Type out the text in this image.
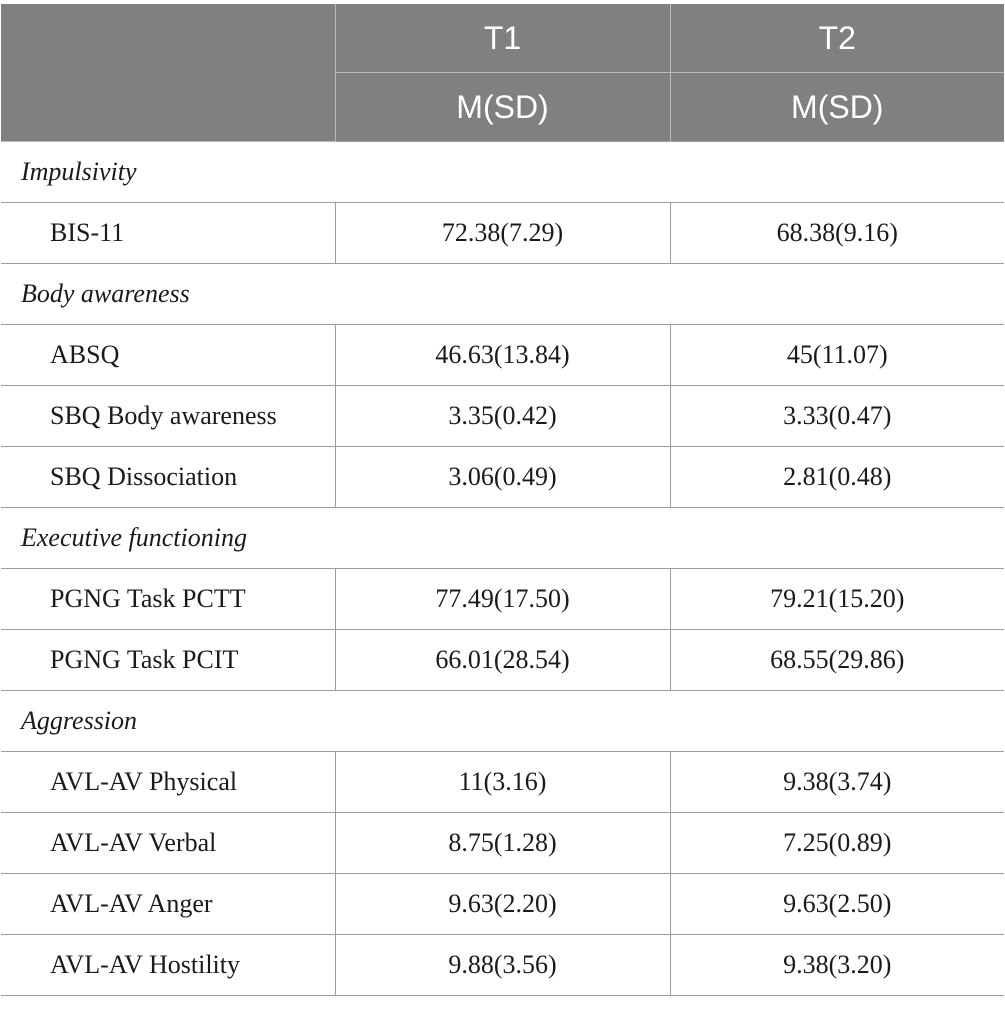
	T1	T2
	M(SD)	M(SD)
Impulsivity		
BIS-11	72.38(7.29)	68.38(9.16)
Body awareness		
ABSQ	46.63(13.84)	45(11.07)
SBQ Body awareness	3.35(0.42)	3.33(0.47)
SBQ Dissociation	3.06(0.49)	2.81(0.48)
Executive functioning		
PGNG Task PCTT	77.49(17.50)	79.21(15.20)
PGNG Task PCIT	66.01(28.54)	68.55(29.86)
Aggression		
AVL-AV Physical	11(3.16)	9.38(3.74)
AVL-AV Verbal	8.75(1.28)	7.25(0.89)
AVL-AV Anger	9.63(2.20)	9.63(2.50)
AVL-AV Hostility	9.88(3.56)	9.38(3.20)
